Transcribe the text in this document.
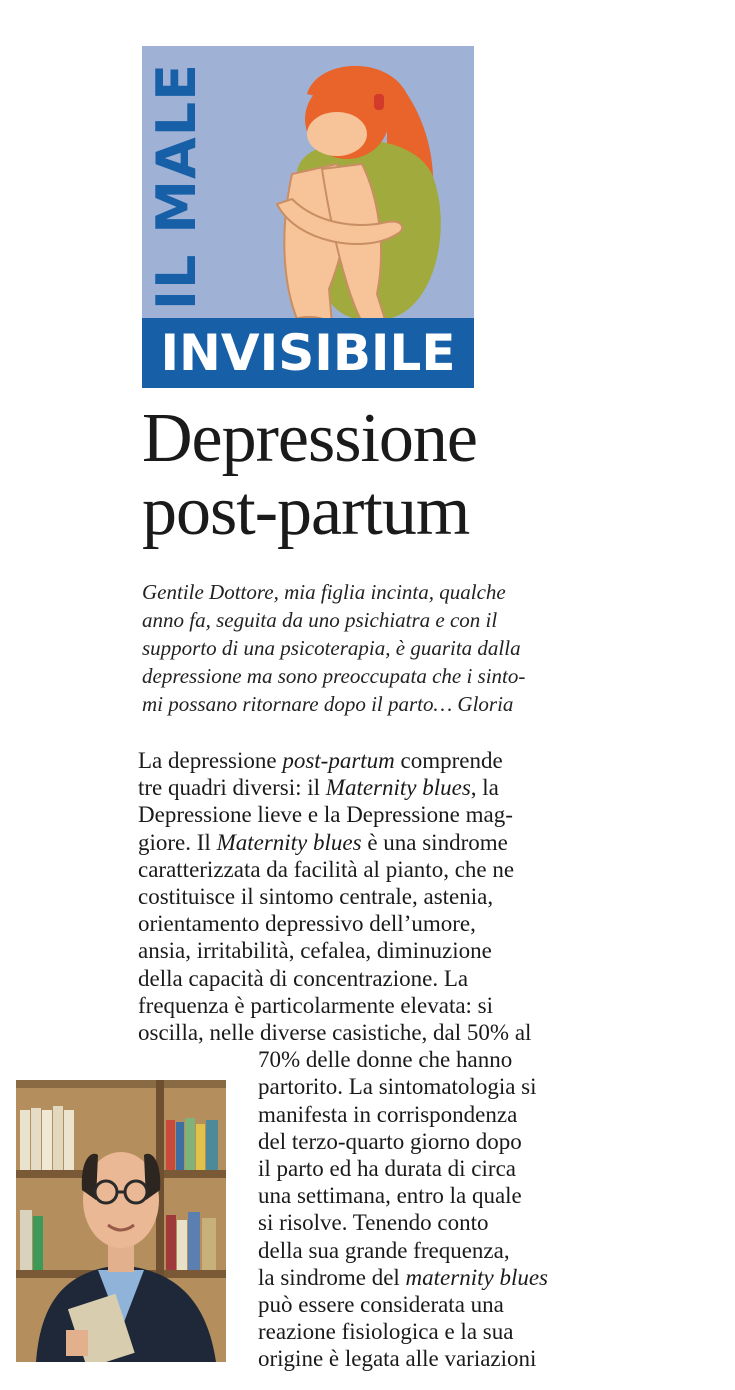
IL MALE
INVISIBILE
Depressione
post-partum
Gentile Dottore, mia figlia incinta, qualche
anno fa, seguita da uno psichiatra e con il
supporto di una psicoterapia, è guarita dalla
depressione ma sono preoccupata che i sinto-
mi possano ritornare dopo il parto… Gloria
La depressione post-partum comprende
tre quadri diversi: il Maternity blues, la
Depressione lieve e la Depressione mag-
giore. Il Maternity blues è una sindrome
caratterizzata da facilità al pianto, che ne
costituisce il sintomo centrale, astenia,
orientamento depressivo dell’umore,
ansia, irritabilità, cefalea, diminuzione
della capacità di concentrazione. La
frequenza è particolarmente elevata: si
oscilla, nelle diverse casistiche, dal 50% al
70% delle donne che hanno
partorito. La sintomatologia si
manifesta in corrispondenza
del terzo-quarto giorno dopo
il parto ed ha durata di circa
una settimana, entro la quale
si risolve. Tenendo conto
della sua grande frequenza,
la sindrome del maternity blues
può essere considerata una
reazione fisiologica e la sua
origine è legata alle variazioni
